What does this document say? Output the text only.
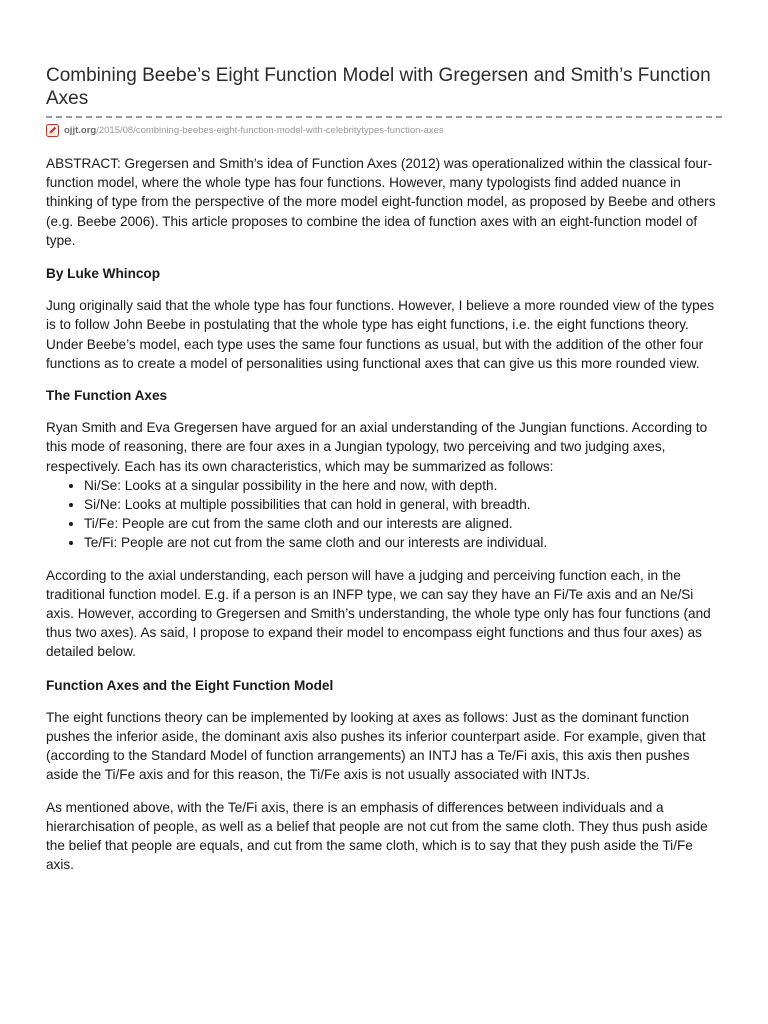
Combining Beebe’s Eight Function Model with Gregersen and Smith’s Function Axes
ojjt.org /2015/08/combining-beebes-eight-function-model-with-celebritytypes-function-axes

ABSTRACT: Gregersen and Smith’s idea of Function Axes (2012) was operationalized within the classical four-function model, where the whole type has four functions. However, many typologists find added nuance in thinking of type from the perspective of the more model eight-function model, as proposed by Beebe and others (e.g. Beebe 2006). This article proposes to combine the idea of function axes with an eight-function model of type.

By Luke Whincop

Jung originally said that the whole type has four functions. However, I believe a more rounded view of the types is to follow John Beebe in postulating that the whole type has eight functions, i.e. the eight functions theory. Under Beebe’s model, each type uses the same four functions as usual, but with the addition of the other four functions as to create a model of personalities using functional axes that can give us this more rounded view.

The Function Axes

Ryan Smith and Eva Gregersen have argued for an axial understanding of the Jungian functions. According to this mode of reasoning, there are four axes in a Jungian typology, two perceiving and two judging axes, respectively. Each has its own characteristics, which may be summarized as follows:

• Ni/Se: Looks at a singular possibility in the here and now, with depth.
• Si/Ne: Looks at multiple possibilities that can hold in general, with breadth.
• Ti/Fe: People are cut from the same cloth and our interests are aligned.
• Te/Fi: People are not cut from the same cloth and our interests are individual.

According to the axial understanding, each person will have a judging and perceiving function each, in the traditional function model. E.g. if a person is an INFP type, we can say they have an Fi/Te axis and an Ne/Si axis. However, according to Gregersen and Smith’s understanding, the whole type only has four functions (and thus two axes). As said, I propose to expand their model to encompass eight functions and thus four axes) as detailed below.

Function Axes and the Eight Function Model

The eight functions theory can be implemented by looking at axes as follows: Just as the dominant function pushes the inferior aside, the dominant axis also pushes its inferior counterpart aside. For example, given that (according to the Standard Model of function arrangements) an INTJ has a Te/Fi axis, this axis then pushes aside the Ti/Fe axis and for this reason, the Ti/Fe axis is not usually associated with INTJs.

As mentioned above, with the Te/Fi axis, there is an emphasis of differences between individuals and a hierarchisation of people, as well as a belief that people are not cut from the same cloth. They thus push aside the belief that people are equals, and cut from the same cloth, which is to say that they push aside the Ti/Fe axis.
